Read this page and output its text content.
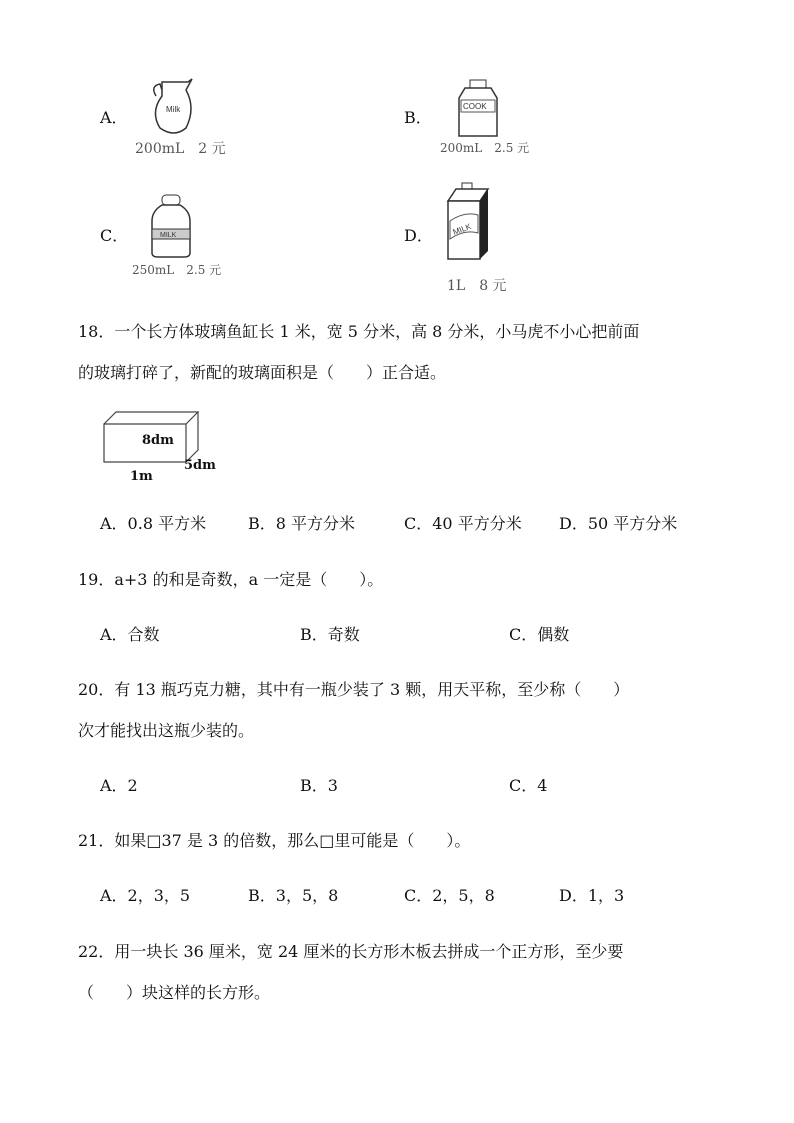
A．	Milk
200mL　2 元
B．
COOK
200mL　2.5 元
C．	MILK
250mL　2.5 元
D． MILK
1L　8 元
18．一个长方体玻璃鱼缸长 1 米，宽 5 分米，高 8 分米，小马虎不小心把前面
的玻璃打碎了，新配的玻璃面积是（　　）正合适。
8dm
5dm
1m
A．0.8 平方米	B．8 平方分米	C．40 平方分米 D．50 平方分米
19．a+3 的和是奇数，a 一定是（　　）。
A．合数	B．奇数	C．偶数
20．有 13 瓶巧克力糖，其中有一瓶少装了 3 颗，用天平称，至少称（　　）
次才能找出这瓶少装的。
A．2	B．3	C．4
21．如果□37 是 3 的倍数，那么□里可能是（　　）。
A．2，3，5	B．3，5，8	C．2，5，8	D．1，3
22．用一块长 36 厘米，宽 24 厘米的长方形木板去拼成一个正方形，至少要
（　　）块这样的长方形。
